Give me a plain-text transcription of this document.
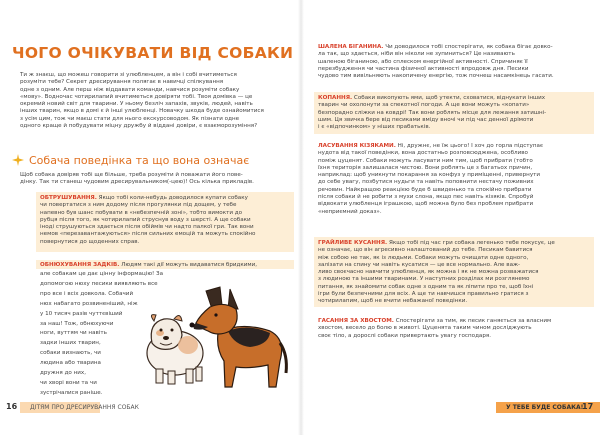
ЧОГО ОЧІКУВАТИ ВІД СОБАКИ
Ти ж знаєш, що можеш говорити зі улюбленцем, а він і собі вчитиметься
розуміти тебе? Секрет дресирування полягає в навичці спілкування
одне з одним. Але перш ніж віддавати команди, навчися розуміти собаку
«мову». Водночас чотирилапий вчитиметься довіряти тобі. Твоя домівка — це
окремий новий світ для тварини. У ньому безліч запахів, звуків, людей, навіть
інших тварин, якщо в домі є й інші улюбленці. Новачку шкода буде ознайомитися
з усім цим, тож чи маєш стати для нього екскурсоводом. Як пізнати одне
одного краще й побудувати міцну дружбу й віддані довіри, є взаєморозуміння?
Собача поведінка та що вона означає
Щоб собака довіряв тобі ще більше, треба розуміти й поважати його пове-
дінку. Так ти станеш чудовим дресирувальником(-цею)! Ось кілька прикладів.
ОБТРУШУВАННЯ. Якщо тобі коли-небудь доводилося купати собаку
чи повертатися з ним додому після прогулянки під дощем, у тебе
напевно був шанс побувати в «небезпечній зоні», тобто вимокти до
рубця після того, як чотирилапий струснув воду з шерсті. А ще собаки
іноді струшуються здається після обіймів чи надто палкої гри. Так вони
немов «перезавантажуються» після сильних емоцій та можуть спокійно
повернутися до щоденних справ.
ОБНЮХУВАННЯ ЗАДКІВ. Людям такі дії можуть видаватися бридкими,
але собакам це дає цінну інформацію! За
допомогою нюху песики виявляють все
про все і всіх довкола. Собачий
нюх набагато розвиненіший, ніж
у 10 тисяч разів чуттєвіший
за наш! Тож, обнюхуючи
ноги, вуттям чи навіть
задки інших тварин,
собаки визнають, чи
людина або тварина
дружня до них,
чи хворі вони та чи
зустрічалися раніше.
16 ДІТЯМ ПРО ДРЕСИРУВАННЯ СОБАК
ШАЛЕНА БІГАНИНА. Чи доводилося тобі спостерігати, як собака бігає довко-
ла так, що здається, ніби він ніколи не зупиниться? Це називають
шаленою біганиною, або сплеском енергійної активності. Спричиняє її
перезбудження чи частина фізичної активності впродовж дня. Песики
чудово тим вивільняють накопичену енергію, тож почнеш насамкінець гасати.
КОПАННЯ. Собаки викопують ями, щоб утекти, сховатися, віднукати інших
тварин чи охолонути за спекотної погоди. А ще вони можуть «копати»
безпорадно сліжки на ковдрі! Так вони роблять місце для лежання затишні-
шим. Ця звичка бере від песиками вміду вночі чи під час денної дрімоти
і є «відпочинком» у ніших прабатьків.
ЛАСУВАННЯ КІЗЯКАМИ. Ні, дружнє, не їж цього! І хоч до горла підступає
нудота від такої поведінки, вона достатньо розповсюджена, особливо
поміж цуценят. Собаки можуть ласувати ним тим, щоб прибрати (тобто
їхня територія залишалася чистою. Вони роблять це з багатьох причин,
наприклад: щоб уникнути покарання за конфуз у приміщенні, привернути
до себе увагу, позбутися нудьги та навіть поповнити нестачу поживних
речовин. Найкращою реакцією буде б швиденько та спокійно прибрати
після собаки й не робити з мухи слона, якщо пес навіть кізяків. Спробуй
відвокати улюбленця іграшкою, щоб можна було без проблем прибрати
«неприємний доказ».
ГРАЙЛИВЕ КУСАННЯ. Якщо тобі під час гри собака легенько тебе покусує, це
не означає, що він агресивно налаштований до тебе. Песикам бавитися
між собою не так, як із людьми. Собаки можуть очищати одне одного,
залізати на спину чи навіть кусатися — це все нормально. Але важ-
ливо своєчасно навчити улюбленця, як можна і як не можна розважатися
з людиною та іншими тваринами. У наступних розділах ми розглянемо
питання, як знайомити собак одне з одним та як ліпити про те, щоб їхні
ігри були безпечними для всіх. А ще ти навчишся правильно гратися з
чотирилапим, щоб не вчити небажаної поведінки.
ГАСАННЯ ЗА ХВОСТОМ. Спостерігати за тим, як песик ганяється за власним
хвостом, весело до болю в животі. Цуценята таким чином досліджують
своє тіло, а дорослі собаки привертають увагу господаря.
У ТЕБЕ БУДЕ СОБАКА!
17
